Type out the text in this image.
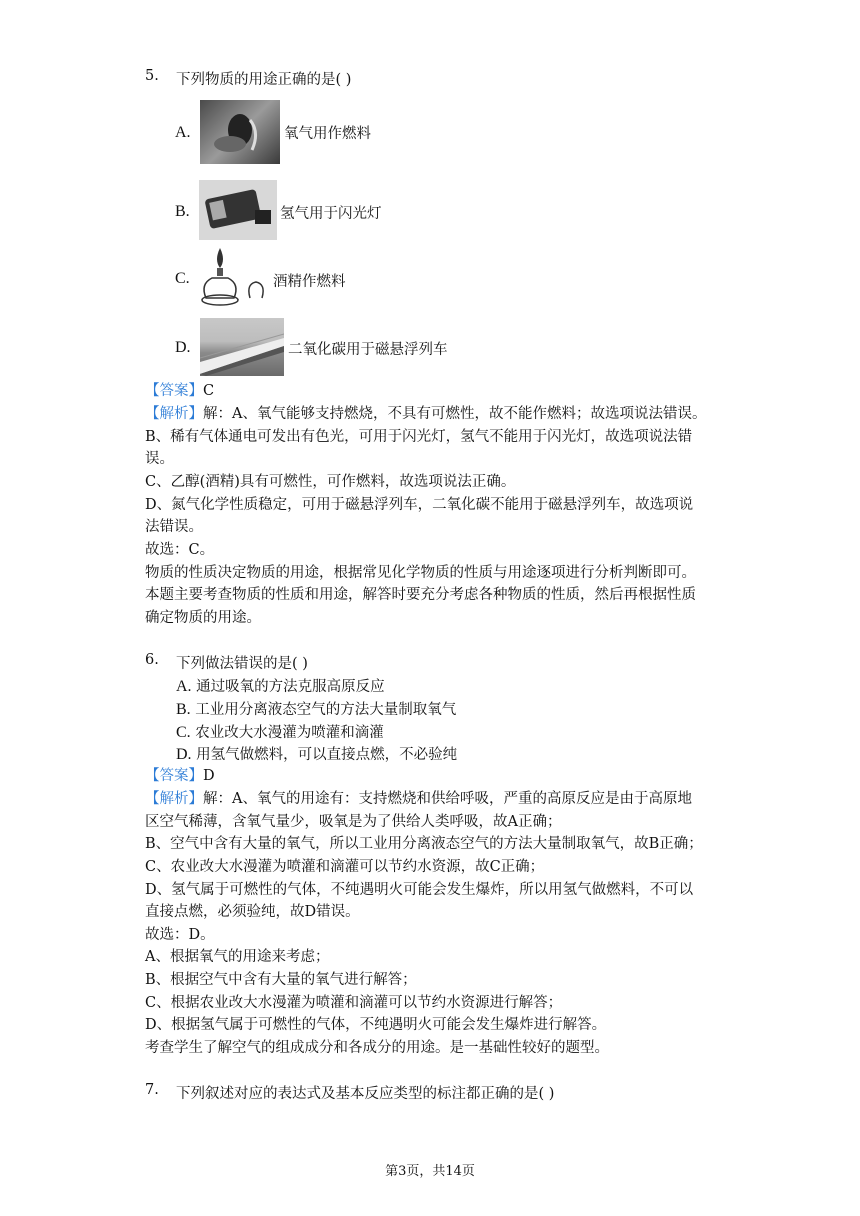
5. 下列物质的用途正确的是( )
A.	氧气用作燃料
B.	氢气用于闪光灯
C.	酒精作燃料
D.	二氧化碳用于磁悬浮列车
【答案】C
【解析】解：A、氧气能够支持燃烧，不具有可燃性，故不能作燃料；故选项说法错误。
B、稀有气体通电可发出有色光，可用于闪光灯，氢气不能用于闪光灯，故选项说法错
误。
C、乙醇(酒精)具有可燃性，可作燃料，故选项说法正确。
D、氮气化学性质稳定，可用于磁悬浮列车，二氧化碳不能用于磁悬浮列车，故选项说
法错误。
故选：C。
物质的性质决定物质的用途，根据常见化学物质的性质与用途逐项进行分析判断即可。
本题主要考查物质的性质和用途，解答时要充分考虑各种物质的性质，然后再根据性质
确定物质的用途。
6. 下列做法错误的是( )
A. 通过吸氧的方法克服高原反应
B. 工业用分离液态空气的方法大量制取氧气
C. 农业改大水漫灌为喷灌和滴灌
D. 用氢气做燃料，可以直接点燃，不必验纯
【答案】D
【解析】解：A、氧气的用途有：支持燃烧和供给呼吸，严重的高原反应是由于高原地
区空气稀薄，含氧气量少，吸氧是为了供给人类呼吸，故A正确；
B、空气中含有大量的氧气，所以工业用分离液态空气的方法大量制取氧气，故B正确；
C、农业改大水漫灌为喷灌和滴灌可以节约水资源，故C正确；
D、氢气属于可燃性的气体，不纯遇明火可能会发生爆炸，所以用氢气做燃料，不可以
直接点燃，必须验纯，故D错误。
故选：D。
A、根据氧气的用途来考虑；
B、根据空气中含有大量的氧气进行解答；
C、根据农业改大水漫灌为喷灌和滴灌可以节约水资源进行解答；
D、根据氢气属于可燃性的气体，不纯遇明火可能会发生爆炸进行解答。
考查学生了解空气的组成成分和各成分的用途。是一基础性较好的题型。
7. 下列叙述对应的表达式及基本反应类型的标注都正确的是( )
第3页，共14页
